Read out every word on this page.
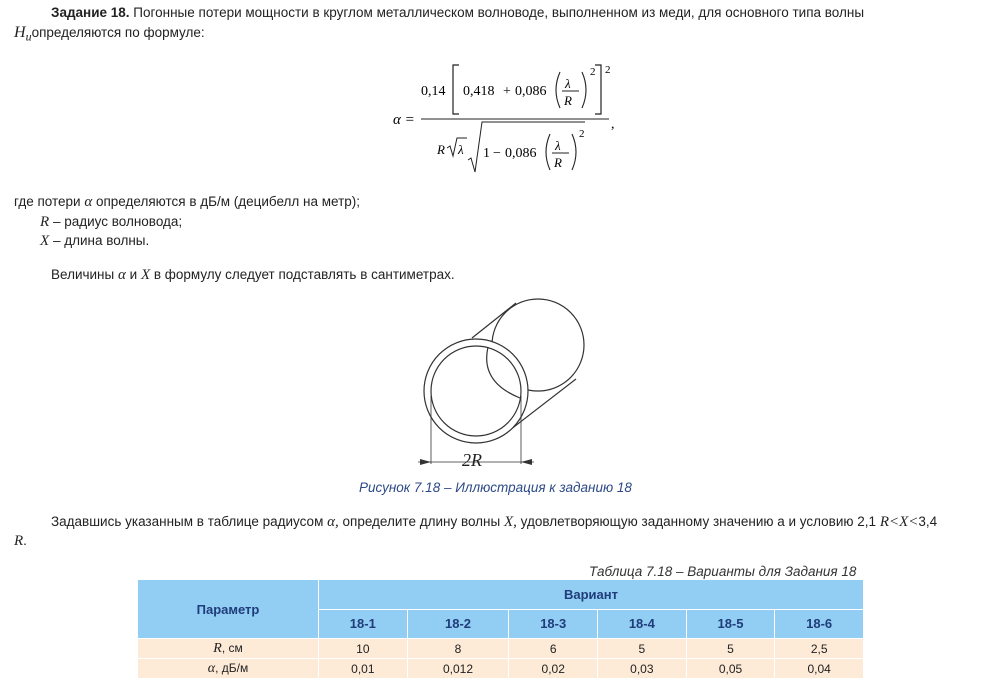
Задание 18. Погонные потери мощности в круглом металлическом волноводе, выполненном из меди, для основного типа волны
$H_иопределяются$ по формуле:
α =
0,14 0,418 + 0,086
λ
R
2 2
,
R λ 1 − 0,086
λ
R
2
где потери α определяются в дБ/м (децибелл на метр);
R – радиус волновода;
X – длина волны.
Величины α и X в формулу следует подставлять в сантиметрах.
2R
Рисунок 7.18 – Иллюстрация к заданию 18
Задавшись указанным в таблице радиусом α, определите длину волны X, удовлетворяющую заданному значению а и условию 2,1 R<X<3,4
R.
Таблица 7.18 – Варианты для Задания 18
Параметр	Вариант					
	18-1	18-2	18-3	18-4	18-5	18-6
R, см	10	8	6	5	5	2,5
α, дБ/м	0,01	0,012	0,02	0,03	0,05	0,04
